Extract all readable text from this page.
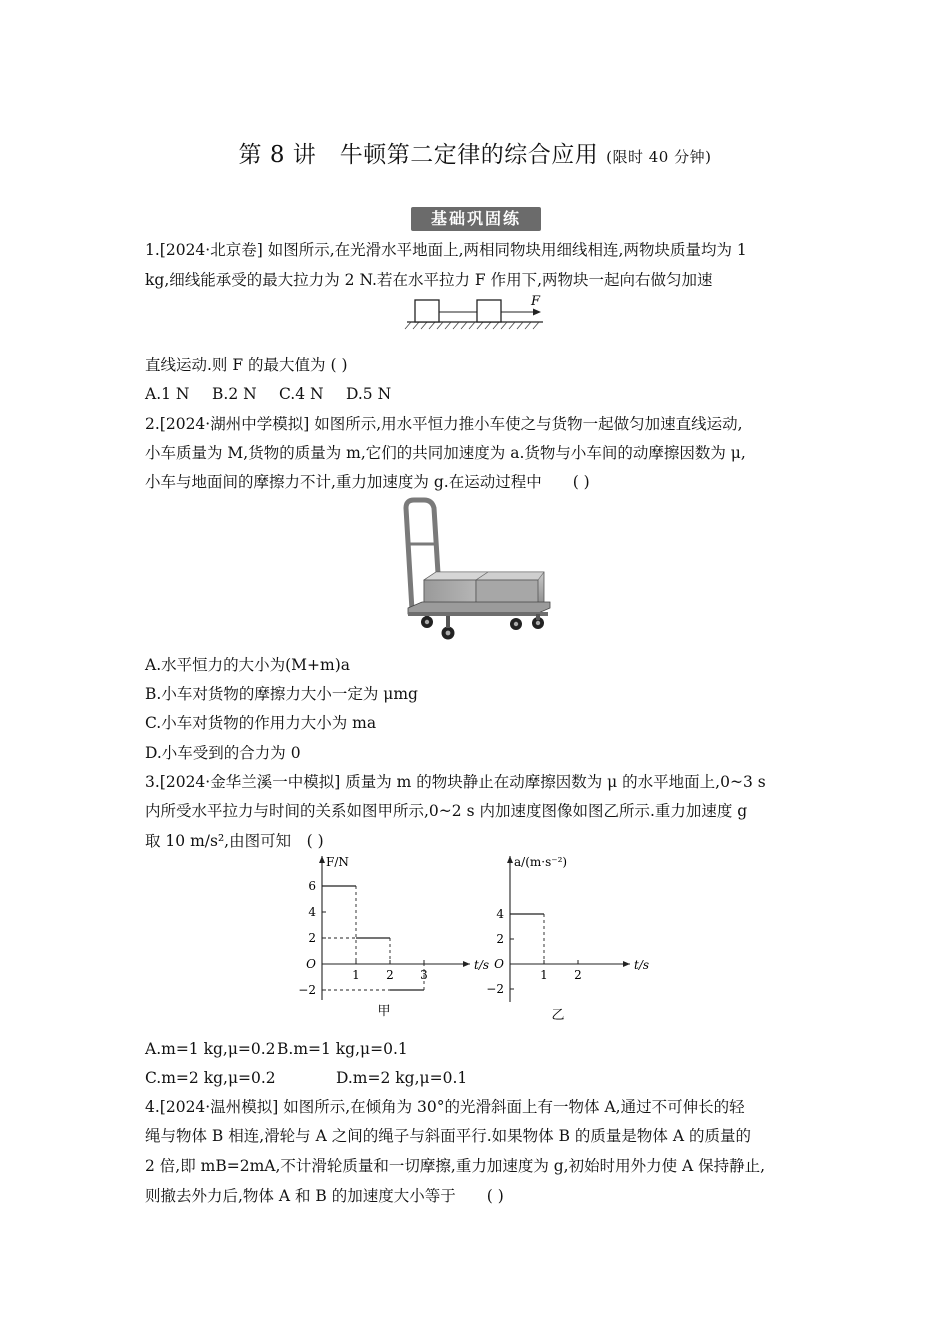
第 8 讲　牛顿第二定律的综合应用 (限时 40 分钟)
基础巩固练
1.[2024·北京卷] 如图所示,在光滑水平地面上,两相同物块用细线相连,两物块质量均为 1
kg,细线能承受的最大拉力为 2 N.若在水平拉力 F 作用下,两物块一起向右做匀加速
F
直线运动.则 F 的最大值为 ( )
A.1 N B.2 N C.4 N D.5 N
2.[2024·湖州中学模拟] 如图所示,用水平恒力推小车使之与货物一起做匀加速直线运动,
小车质量为 M,货物的质量为 m,它们的共同加速度为 a.货物与小车间的动摩擦因数为 μ,
小车与地面间的摩擦力不计,重力加速度为 g.在运动过程中　　( )
A.水平恒力的大小为(M+m)a
B.小车对货物的摩擦力大小一定为 μmg
C.小车对货物的作用力大小为 ma
D.小车受到的合力为 0
3.[2024·金华兰溪一中模拟] 质量为 m 的物块静止在动摩擦因数为 μ 的水平地面上,0~3 s
内所受水平拉力与时间的关系如图甲所示,0~2 s 内加速度图像如图乙所示.重力加速度 g
取 10 m/s²,由图可知　( )
F/N
t/s
6
4
2
O
−2
1 2 3
甲
a/(m·s⁻²)
t/s
4
2
O
−2
1 2
乙
A.m=1 kg,μ=0.2 B.m=1 kg,μ=0.1
C.m=2 kg,μ=0.2	D.m=2 kg,μ=0.1
4.[2024·温州模拟] 如图所示,在倾角为 30°的光滑斜面上有一物体 A,通过不可伸长的轻
绳与物体 B 相连,滑轮与 A 之间的绳子与斜面平行.如果物体 B 的质量是物体 A 的质量的
2 倍,即 mB=2mA,不计滑轮质量和一切摩擦,重力加速度为 g,初始时用外力使 A 保持静止,
则撤去外力后,物体 A 和 B 的加速度大小等于　　( )
